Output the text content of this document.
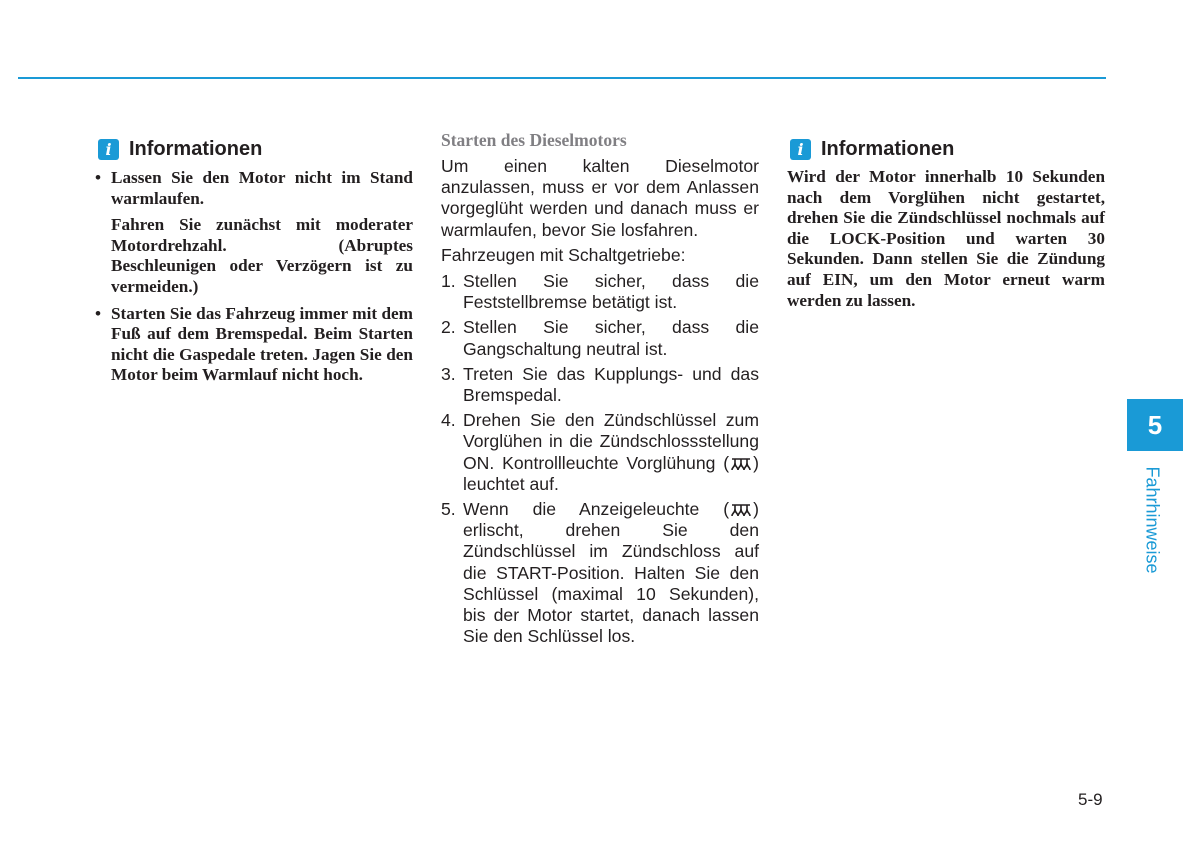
i Informationen
• Lassen Sie den Motor nicht im Stand warmlaufen.
Fahren Sie zunächst mit moderater Motordrehzahl. (Abruptes Beschleunigen oder Verzögern ist zu vermeiden.)
• Starten Sie das Fahrzeug immer mit dem Fuß auf dem Bremspedal. Beim Starten nicht die Gaspedale treten. Jagen Sie den Motor beim Warmlauf nicht hoch.
Starten des Dieselmotors
Um einen kalten Dieselmotor anzulassen, muss er vor dem Anlassen vorgeglüht werden und danach muss er warmlaufen, bevor Sie losfahren.
Fahrzeugen mit Schaltgetriebe:
1. Stellen Sie sicher, dass die Feststellbremse betätigt ist.
2. Stellen Sie sicher, dass die Gangschaltung neutral ist.
3. Treten Sie das Kupplungs- und das Bremspedal.
4. Drehen Sie den Zündschlüssel zum Vorglühen in die Zündschlossstellung ON. Kontrollleuchte Vorglühung ( ) leuchtet auf.
5. Wenn die Anzeigeleuchte ( ) erlischt, drehen Sie den Zündschlüssel im Zündschloss auf die START-Position. Halten Sie den Schlüssel (maximal 10 Sekunden), bis der Motor startet, danach lassen Sie den Schlüssel los.
i Informationen
Wird der Motor innerhalb 10 Sekunden nach dem Vorglühen nicht gestartet, drehen Sie die Zündschlüssel nochmals auf die LOCK-Position und warten 30 Sekunden. Dann stellen Sie die Zündung auf EIN, um den Motor erneut warm werden zu lassen.
5
Fahrhinweise
5-9
